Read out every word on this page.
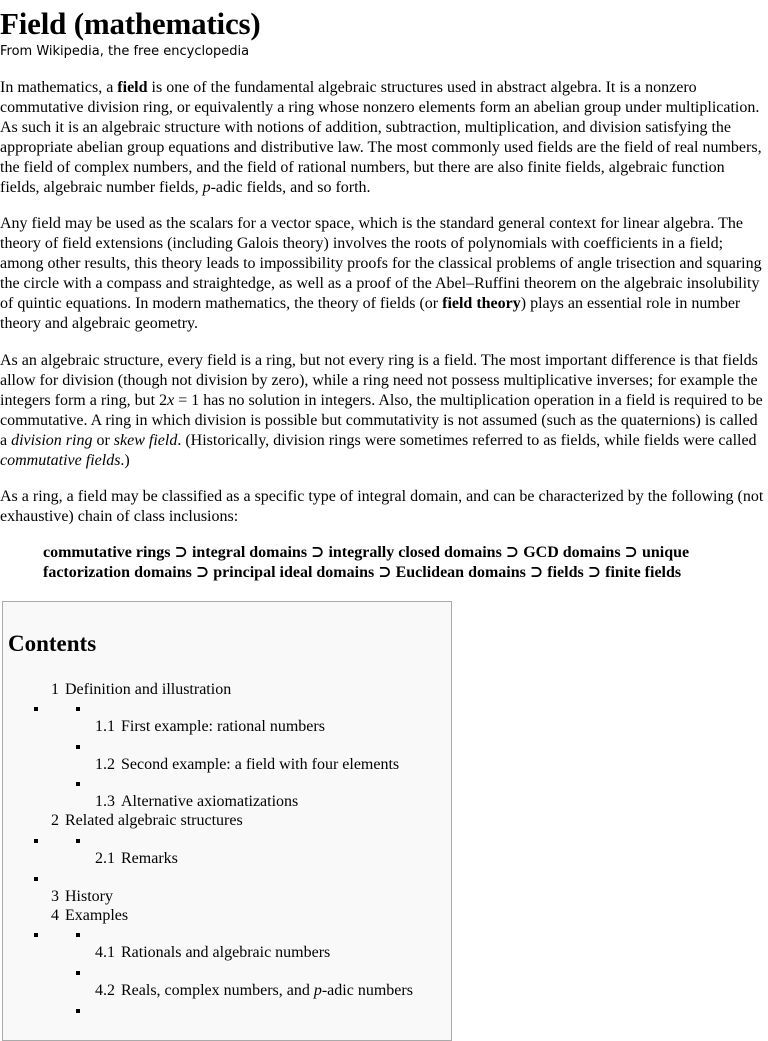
Field (mathematics)
From Wikipedia, the free encyclopedia

In mathematics, a field is one of the fundamental algebraic structures used in abstract algebra. It is a nonzero commutative division ring, or equivalently a ring whose nonzero elements form an abelian group under multiplication. As such it is an algebraic structure with notions of addition, subtraction, multiplication, and division satisfying the appropriate abelian group equations and distributive law. The most commonly used fields are the field of real numbers, the field of complex numbers, and the field of rational numbers, but there are also finite fields, algebraic function fields, algebraic number fields, p-adic fields, and so forth.

Any field may be used as the scalars for a vector space, which is the standard general context for linear algebra. The theory of field extensions (including Galois theory) involves the roots of polynomials with coefficients in a field; among other results, this theory leads to impossibility proofs for the classical problems of angle trisection and squaring the circle with a compass and straightedge, as well as a proof of the Abel–Ruffini theorem on the algebraic insolubility of quintic equations. In modern mathematics, the theory of fields (or field theory) plays an essential role in number theory and algebraic geometry.

As an algebraic structure, every field is a ring, but not every ring is a field. The most important difference is that fields allow for division (though not division by zero), while a ring need not possess multiplicative inverses; for example the integers form a ring, but 2x = 1 has no solution in integers. Also, the multiplication operation in a field is required to be commutative. A ring in which division is possible but commutativity is not assumed (such as the quaternions) is called a division ring or skew field. (Historically, division rings were sometimes referred to as fields, while fields were called commutative fields.)

As a ring, a field may be classified as a specific type of integral domain, and can be characterized by the following (not exhaustive) chain of class inclusions:

commutative rings ⊃ integral domains ⊃ integrally closed domains ⊃ GCD domains ⊃ unique factorization domains ⊃ principal ideal domains ⊃ Euclidean domains ⊃ fields ⊃ finite fields

Contents
1 Definition and illustration
1.1 First example: rational numbers
1.2 Second example: a field with four elements
1.3 Alternative axiomatizations
2 Related algebraic structures
2.1 Remarks
3 History
4 Examples
4.1 Rationals and algebraic numbers
4.2 Reals, complex numbers, and p-adic numbers
